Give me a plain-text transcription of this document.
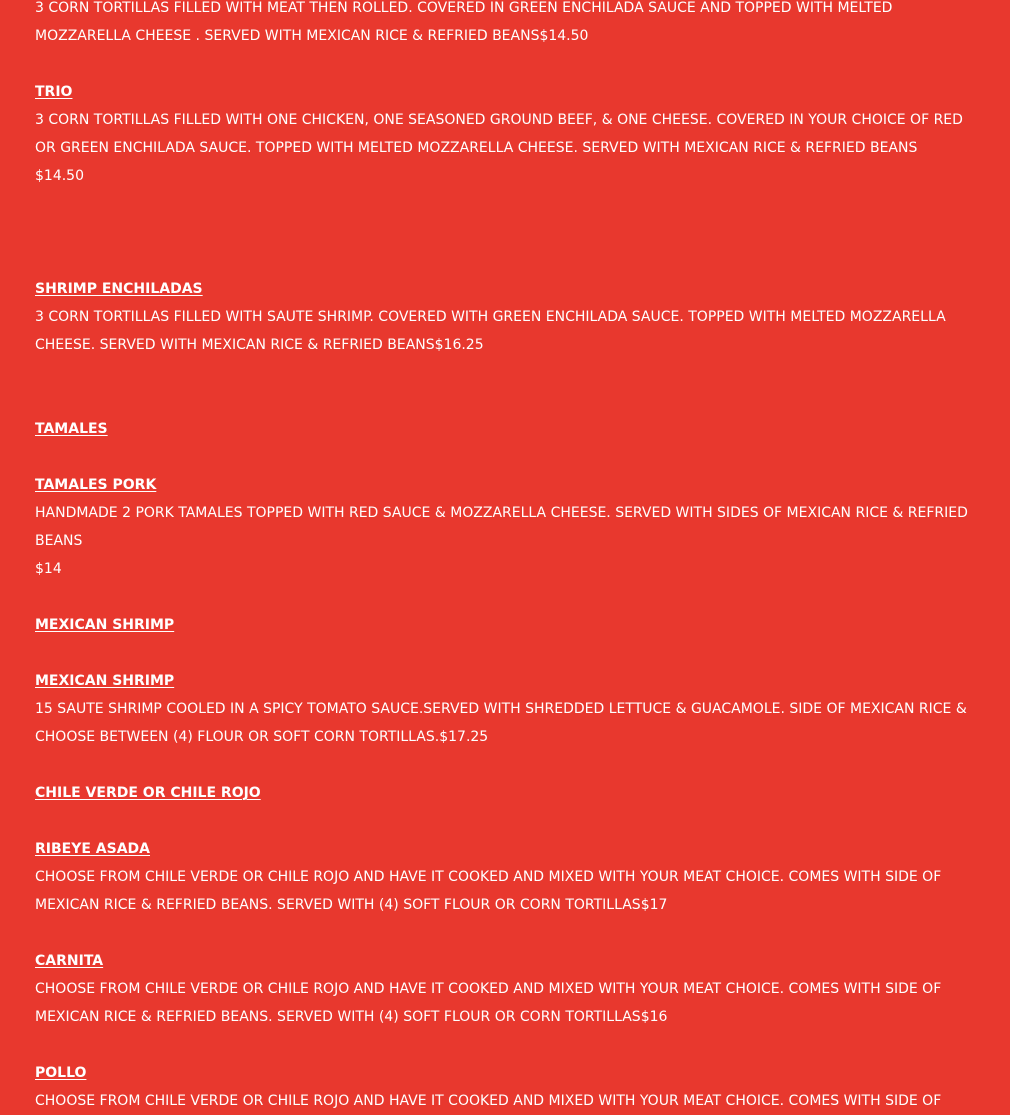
3 CORN TORTILLAS FILLED WITH MEAT THEN ROLLED. COVERED IN GREEN ENCHILADA SAUCE AND TOPPED WITH MELTED MOZZARELLA CHEESE . SERVED WITH MEXICAN RICE & REFRIED BEANS$14.50
TRIO
3 CORN TORTILLAS FILLED WITH ONE CHICKEN, ONE SEASONED GROUND BEEF, & ONE CHEESE. COVERED IN YOUR CHOICE OF RED OR GREEN ENCHILADA SAUCE. TOPPED WITH MELTED MOZZARELLA CHEESE. SERVED WITH MEXICAN RICE & REFRIED BEANS
$14.50
SHRIMP ENCHILADAS
3 CORN TORTILLAS FILLED WITH SAUTE SHRIMP. COVERED WITH GREEN ENCHILADA SAUCE. TOPPED WITH MELTED MOZZARELLA CHEESE. SERVED WITH MEXICAN RICE & REFRIED BEANS$16.25
TAMALES
TAMALES PORK
HANDMADE 2 PORK TAMALES TOPPED WITH RED SAUCE & MOZZARELLA CHEESE. SERVED WITH SIDES OF MEXICAN RICE & REFRIED BEANS
$14
MEXICAN SHRIMP
MEXICAN SHRIMP
15 SAUTE SHRIMP COOLED IN A SPICY TOMATO SAUCE.SERVED WITH SHREDDED LETTUCE & GUACAMOLE. SIDE OF MEXICAN RICE & CHOOSE BETWEEN (4) FLOUR OR SOFT CORN TORTILLAS.$17.25
CHILE VERDE OR CHILE ROJO
RIBEYE ASADA
CHOOSE FROM CHILE VERDE OR CHILE ROJO AND HAVE IT COOKED AND MIXED WITH YOUR MEAT CHOICE. COMES WITH SIDE OF MEXICAN RICE & REFRIED BEANS. SERVED WITH (4) SOFT FLOUR OR CORN TORTILLAS$17
CARNITA
CHOOSE FROM CHILE VERDE OR CHILE ROJO AND HAVE IT COOKED AND MIXED WITH YOUR MEAT CHOICE. COMES WITH SIDE OF MEXICAN RICE & REFRIED BEANS. SERVED WITH (4) SOFT FLOUR OR CORN TORTILLAS$16
POLLO
CHOOSE FROM CHILE VERDE OR CHILE ROJO AND HAVE IT COOKED AND MIXED WITH YOUR MEAT CHOICE. COMES WITH SIDE OF
